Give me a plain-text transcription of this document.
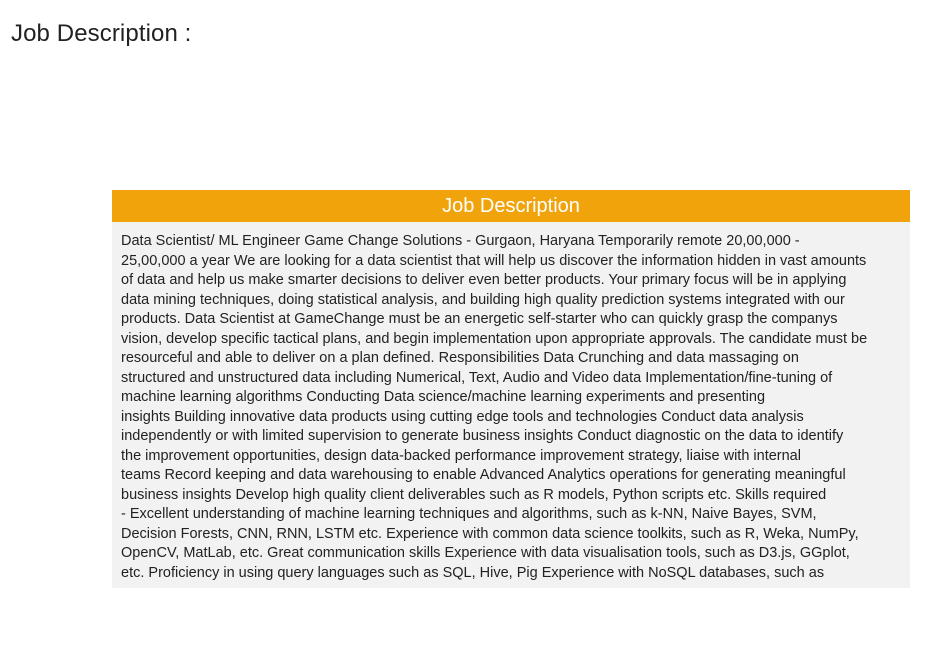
Job Description :
Job Description

Data Scientist/ ML Engineer Game Change Solutions - Gurgaon, Haryana Temporarily remote 20,00,000 -
25,00,000 a year We are looking for a data scientist that will help us discover the information hidden in vast amounts
of data and help us make smarter decisions to deliver even better products. Your primary focus will be in applying
data mining techniques, doing statistical analysis, and building high quality prediction systems integrated with our
products. Data Scientist at GameChange must be an energetic self-starter who can quickly grasp the companys
vision, develop specific tactical plans, and begin implementation upon appropriate approvals. The candidate must be
resourceful and able to deliver on a plan defined. Responsibilities Data Crunching and data massaging on
structured and unstructured data including Numerical, Text, Audio and Video data Implementation/fine-tuning of
machine learning algorithms Conducting Data science/machine learning experiments and presenting
insights Building innovative data products using cutting edge tools and technologies Conduct data analysis
independently or with limited supervision to generate business insights Conduct diagnostic on the data to identify
the improvement opportunities, design data-backed performance improvement strategy, liaise with internal
teams Record keeping and data warehousing to enable Advanced Analytics operations for generating meaningful
business insights Develop high quality client deliverables such as R models, Python scripts etc. Skills required
- Excellent understanding of machine learning techniques and algorithms, such as k-NN, Naive Bayes, SVM,
Decision Forests, CNN, RNN, LSTM etc. Experience with common data science toolkits, such as R, Weka, NumPy,
OpenCV, MatLab, etc. Great communication skills Experience with data visualisation tools, such as D3.js, GGplot,
etc. Proficiency in using query languages such as SQL, Hive, Pig Experience with NoSQL databases, such as
